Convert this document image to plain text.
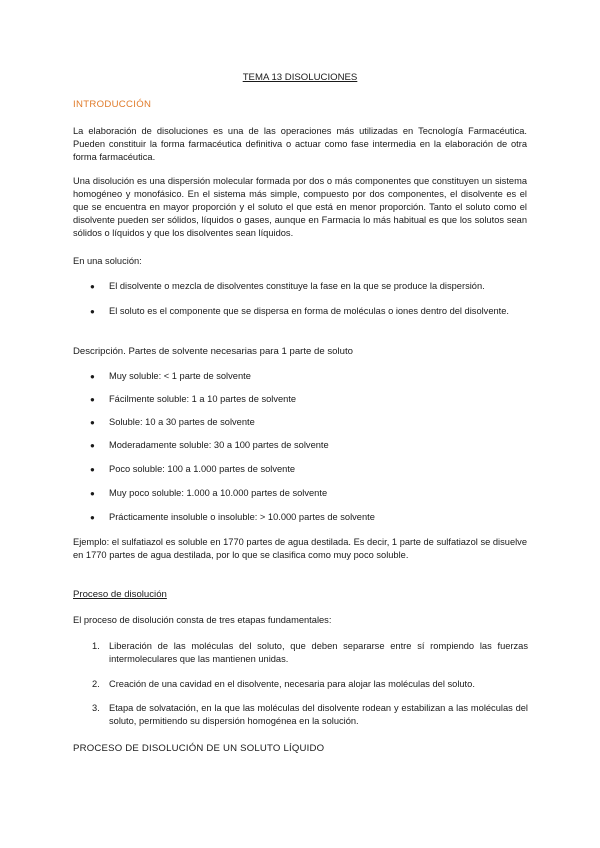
TEMA 13 DISOLUCIONES
INTRODUCCIÓN
La elaboración de disoluciones es una de las operaciones más utilizadas en Tecnología Farmacéutica. Pueden constituir la forma farmacéutica definitiva o actuar como fase intermedia en la elaboración de otra forma farmacéutica.
Una disolución es una dispersión molecular formada por dos o más componentes que constituyen un sistema homogéneo y monofásico. En el sistema más simple, compuesto por dos componentes, el disolvente es el que se encuentra en mayor proporción y el soluto el que está en menor proporción. Tanto el soluto como el disolvente pueden ser sólidos, líquidos o gases, aunque en Farmacia lo más habitual es que los solutos sean sólidos o líquidos y que los disolventes sean líquidos.
En una solución:
● El disolvente o mezcla de disolventes constituye la fase en la que se produce la dispersión.
● El soluto es el componente que se dispersa en forma de moléculas o iones dentro del disolvente.
Descripción. Partes de solvente necesarias para 1 parte de soluto
● Muy soluble: < 1 parte de solvente
● Fácilmente soluble: 1 a 10 partes de solvente
● Soluble: 10 a 30 partes de solvente
● Moderadamente soluble: 30 a 100 partes de solvente
● Poco soluble: 100 a 1.000 partes de solvente
● Muy poco soluble: 1.000 a 10.000 partes de solvente
● Prácticamente insoluble o insoluble: > 10.000 partes de solvente
Ejemplo: el sulfatiazol es soluble en 1770 partes de agua destilada. Es decir, 1 parte de sulfatiazol se disuelve en 1770 partes de agua destilada, por lo que se clasifica como muy poco soluble.
Proceso de disolución
El proceso de disolución consta de tres etapas fundamentales:
1. Liberación de las moléculas del soluto, que deben separarse entre sí rompiendo las fuerzas intermoleculares que las mantienen unidas.
2. Creación de una cavidad en el disolvente, necesaria para alojar las moléculas del soluto.
3. Etapa de solvatación, en la que las moléculas del disolvente rodean y estabilizan a las moléculas del soluto, permitiendo su dispersión homogénea en la solución.
PROCESO DE DISOLUCIÓN DE UN SOLUTO LÍQUIDO
